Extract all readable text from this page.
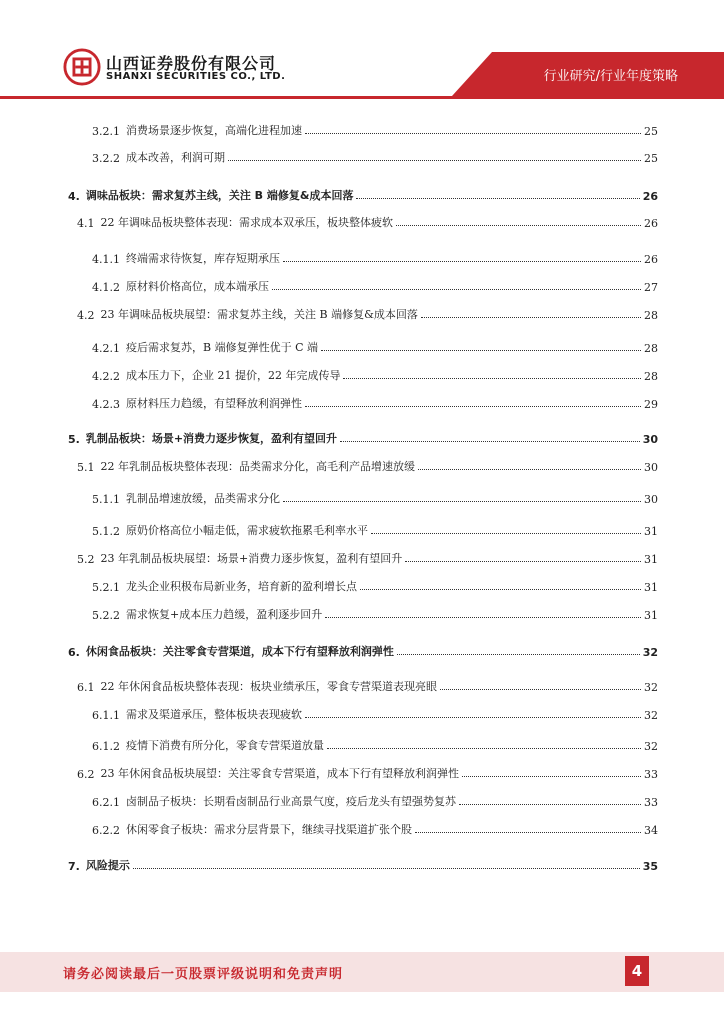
山西证券股份有限公司
SHANXI SECURITIES CO., LTD.	行业研究/行业年度策略
3.2.1 消费场景逐步恢复，高端化进程加速	25
3.2.2 成本改善，利润可期	25
4. 调味品板块：需求复苏主线，关注 B 端修复&成本回落	26
4.1 22 年调味品板块整体表现：需求成本双承压，板块整体疲软	26
4.1.1 终端需求待恢复，库存短期承压	26
4.1.2 原材料价格高位，成本端承压	27
4.2 23 年调味品板块展望：需求复苏主线，关注 B 端修复&成本回落	28
4.2.1 疫后需求复苏，B 端修复弹性优于 C 端	28
4.2.2 成本压力下，企业 21 提价，22 年完成传导	28
4.2.3 原材料压力趋缓，有望释放利润弹性	29
5. 乳制品板块：场景+消费力逐步恢复，盈利有望回升	30
5.1 22 年乳制品板块整体表现：品类需求分化，高毛利产品增速放缓	30
5.1.1 乳制品增速放缓，品类需求分化	30
5.1.2 原奶价格高位小幅走低，需求疲软拖累毛利率水平	31
5.2 23 年乳制品板块展望：场景+消费力逐步恢复，盈利有望回升	31
5.2.1 龙头企业积极布局新业务，培育新的盈利增长点	31
5.2.2 需求恢复+成本压力趋缓，盈利逐步回升	31
6. 休闲食品板块：关注零食专营渠道，成本下行有望释放利润弹性	32
6.1 22 年休闲食品板块整体表现：板块业绩承压，零食专营渠道表现亮眼	32
6.1.1 需求及渠道承压，整体板块表现疲软	32
6.1.2 疫情下消费有所分化，零食专营渠道放量	32
6.2 23 年休闲食品板块展望：关注零食专营渠道，成本下行有望释放利润弹性	33
6.2.1 卤制品子板块：长期看卤制品行业高景气度，疫后龙头有望强势复苏	33
6.2.2 休闲零食子板块：需求分层背景下，继续寻找渠道扩张个股	34
7. 风险提示	35
请务必阅读最后一页股票评级说明和免责声明	4
